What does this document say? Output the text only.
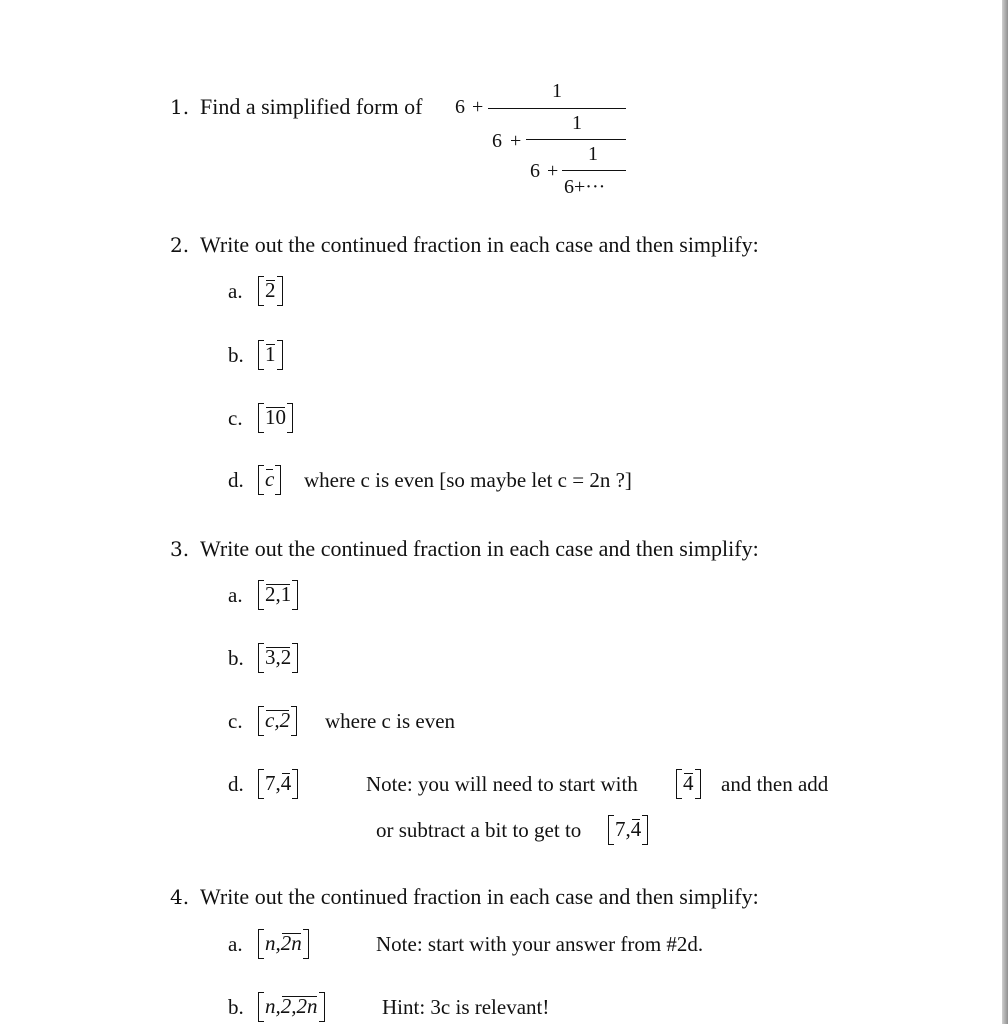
1. Find a simplified form of 6 +
1
6 +
1
6 +
1
6+···
2. Write out the continued fraction in each case and then simplify:
a.	2
b.	1
c.	10
d.	c	where c is even [so maybe let c = 2n ?]
3. Write out the continued fraction in each case and then simplify:
a.	2,1
b.	3,2
c.	c,2	where c is even
d.	7,4	Note: you will need to start with	4	and then add
or subtract a bit to get to	7,4
4. Write out the continued fraction in each case and then simplify:
a.	n,2n	Note: start with your answer from #2d.
b.	n,2,2n	Hint: 3c is relevant!
